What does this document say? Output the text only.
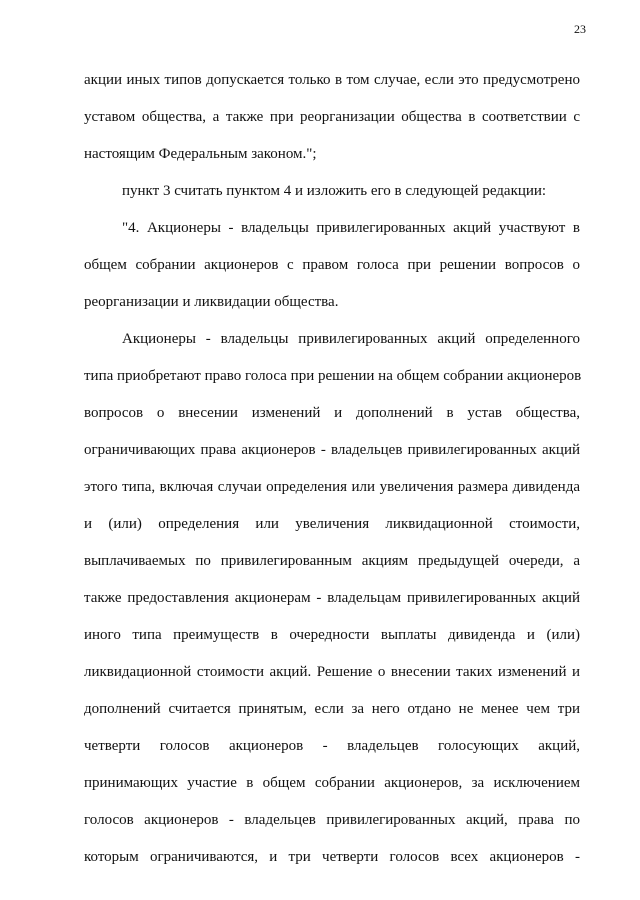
23
акции иных типов допускается только в том случае, если это предусмотрено
уставом общества, а также при реорганизации общества в соответствии с
настоящим Федеральным законом.";
пункт 3 считать пунктом 4 и изложить его в следующей редакции:
"4. Акционеры - владельцы привилегированных акций участвуют в
общем собрании акционеров с правом голоса при решении вопросов о
реорганизации и ликвидации общества.
Акционеры - владельцы привилегированных акций определенного
типа приобретают право голоса при решении на общем собрании акционеров
вопросов о внесении изменений и дополнений в устав общества,
ограничивающих права акционеров - владельцев привилегированных акций
этого типа, включая случаи определения или увеличения размера дивиденда
и (или) определения или увеличения ликвидационной стоимости,
выплачиваемых по привилегированным акциям предыдущей очереди, а
также предоставления акционерам - владельцам привилегированных акций
иного типа преимуществ в очередности выплаты дивиденда и (или)
ликвидационной стоимости акций. Решение о внесении таких изменений и
дополнений считается принятым, если за него отдано не менее чем три
четверти голосов акционеров - владельцев голосующих акций,
принимающих участие в общем собрании акционеров, за исключением
голосов акционеров - владельцев привилегированных акций, права по
которым ограничиваются, и три четверти голосов всех акционеров -
